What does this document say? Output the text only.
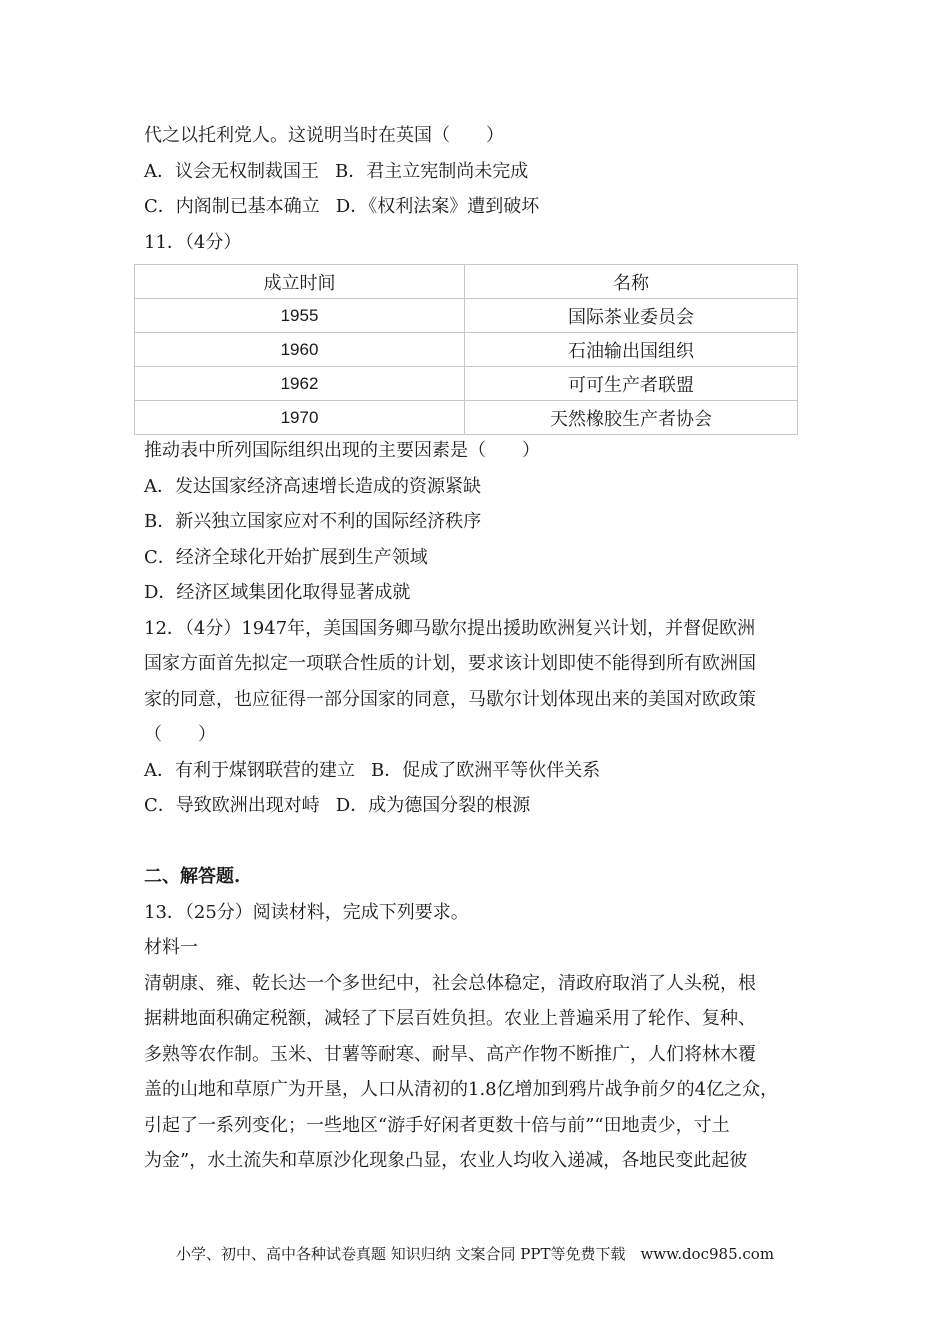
代之以托利党人。这说明当时在英国（　　）

A．议会无权制裁国王 B．君主立宪制尚未完成

C．内阁制已基本确立 D．《权利法案》遭到破坏

11．（4分）

成立时间	名称
1955	国际茶业委员会
1960	石油输出国组织
1962	可可生产者联盟
1970	天然橡胶生产者协会

推动表中所列国际组织出现的主要因素是（　　）

A．发达国家经济高速增长造成的资源紧缺

B．新兴独立国家应对不利的国际经济秩序

C．经济全球化开始扩展到生产领域

D．经济区域集团化取得显著成就

12．（4分）1947年，美国国务卿马歇尔提出援助欧洲复兴计划，并督促欧洲

国家方面首先拟定一项联合性质的计划，要求该计划即使不能得到所有欧洲国

家的同意，也应征得一部分国家的同意，马歇尔计划体现出来的美国对欧政策

（　　）

A．有利于煤钢联营的建立 B．促成了欧洲平等伙伴关系

C．导致欧洲出现对峙 D．成为德国分裂的根源

二、解答题.

13．（25分）阅读材料，完成下列要求。

材料一

清朝康、雍、乾长达一个多世纪中，社会总体稳定，清政府取消了人头税，根

据耕地面积确定税额，减轻了下层百姓负担。农业上普遍采用了轮作、复种、

多熟等农作制。玉米、甘薯等耐寒、耐旱、高产作物不断推广，人们将林木覆

盖的山地和草原广为开垦，人口从清初的1.8亿增加到鸦片战争前夕的4亿之众，

引起了一系列变化；一些地区“游手好闲者更数十倍与前”“田地责少，寸土

为金”，水土流失和草原沙化现象凸显，农业人均收入递减，各地民变此起彼

小学、初中、高中各种试卷真题 知识归纳 文案合同 PPT等免费下载　www.doc985.com
